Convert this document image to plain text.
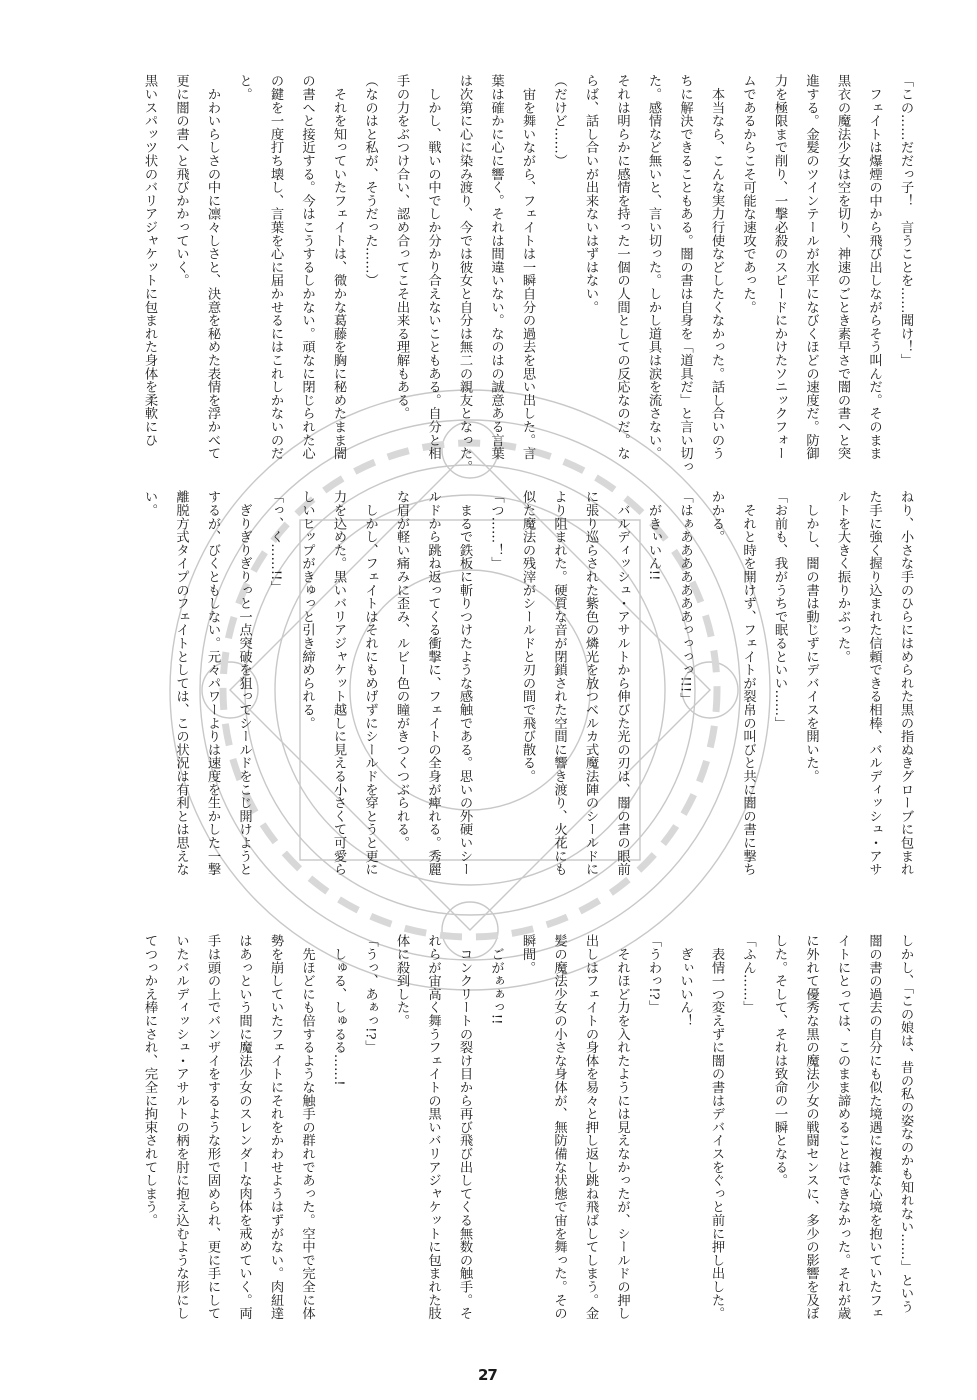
「この……だだっ子！　言うことを……聞け！」
　フェイトは爆煙の中から飛び出しながらそう叫んだ。そのまま
黒衣の魔法少女は空を切り、神速のごとき素早さで闇の書へと突
進する。金髪のツインテールが水平になびくほどの速度だ。防御
力を極限まで削り、一撃必殺のスピードにかけたソニックフォー
ムであるからこそ可能な速攻であった。
　本当なら、こんな実力行使などしたくなかった。話し合いのう
ちに解決できることもある。闇の書は自身を「道具だ」と言い切っ
た。感情など無いと、言い切った。しかし道具は涙を流さない。
それは明らかに感情を持った一個の人間としての反応なのだ。な
らば、話し合いが出来ないはずはない。
（だけど……）
　宙を舞いながら、フェイトは一瞬自分の過去を思い出した。言
葉は確かに心に響く。それは間違いない。なのはの誠意ある言葉
は次第に心に染み渡り、今では彼女と自分は無二の親友となった。
　しかし、戦いの中でしか分かり合えないこともある。自分と相
手の力をぶつけ合い、認め合ってこそ出来る理解もある。
（なのはと私が、そうだった……）
　それを知っていたフェイトは、微かな葛藤を胸に秘めたまま闇
の書へと接近する。今はこうするしかない。頑なに閉じられた心
の鍵を一度打ち壊し、言葉を心に届かせるにはこれしかないのだ
と。
　かわいらしさの中に凛々しさと、決意を秘めた表情を浮かべて
更に闇の書へと飛びかかっていく。
黒いスパッツ状のバリアジャケットに包まれた身体を柔軟にひ
ねり、小さな手のひらにはめられた黒の指ぬきグローブに包まれ
た手に強く握り込まれた信頼できる相棒、バルディッシュ・アサ
ルトを大きく振りかぶった。
　しかし、闇の書は動じずにデバイスを開いた。
「お前も、我がうちで眠るといい……」
　それと時を開けず、フェイトが裂帛の叫びと共に闇の書に撃ち
かかる。
「はぁあああああああっっっっ!!!」
　がきぃいん!!
　バルディッシュ・アサルトから伸びた光の刃は、闇の書の眼前
に張り巡らされた紫色の燐光を放つベルカ式魔法陣のシールドに
より阻まれた。硬質な音が閉鎖された空間に響き渡り、火花にも
似た魔法の残滓がシールドと刃の間で飛び散る。
「つ……！」
　まるで鉄板に斬りつけたような感触である。思いの外硬いシー
ルドから跳ね返ってくる衝撃に、フェイトの全身が痺れる。秀麗
な眉が軽い痛みに歪み、ルビー色の瞳がきつくつぶられる。
　しかし、フェイトはそれにもめげずにシールドを穿とうと更に
力を込めた。黒いバリアジャケット越しに見える小さくて可愛ら
しいヒップがきゅっと引き締められる。
「っ、く……!!」
　ぎりぎりぎりっと一点突破を狙ってシールドをこじ開けようと
するが、びくともしない。元々パワーよりは速度を生かした一撃
離脱方式タイプのフェイトとしては、この状況は有利とは思えな
い。
しかし、「この娘は、昔の私の姿なのかも知れない……」という
闇の書の過去の自分にも似た境遇に複雑な心境を抱いていたフェ
イトにとっては、このまま諦めることはできなかった。それが歳
に外れて優秀な黒の魔法少女の戦闘センスに、多少の影響を及ぼ
した。そして、それは致命の一瞬となる。
「ふん……」
　表情一つ変えずに闇の書はデバイスをぐっと前に押し出した。
　ぎぃいいん！
「うわっ!?」
　それほど力を入れたようには見えなかったが、シールドの押し
出しはフェイトの身体を易々と押し返し跳ね飛ばしてしまう。金
髪の魔法少女の小さな身体が、無防備な状態で宙を舞った。その
瞬間。
　ごがぁぁっ!!
　コンクリートの裂け目から再び飛び出してくる無数の触手。そ
れらが宙高く舞うフェイトの黒いバリアジャケットに包まれた肢
体に殺到した。
「うっ、あぁっ!?」
　しゅる、しゅるる……!
　先ほどにも倍するような触手の群れであった。空中で完全に体
勢を崩していたフェイトにそれをかわせようはずがない。肉紐達
はあっという間に魔法少女のスレンダーな肉体を戒めていく。両
手は頭の上でバンザイをするような形で固められ、更に手にして
いたバルディッシュ・アサルトの柄を肘に抱え込むような形にし
てつっかえ棒にされ、完全に拘束されてしまう。
27
